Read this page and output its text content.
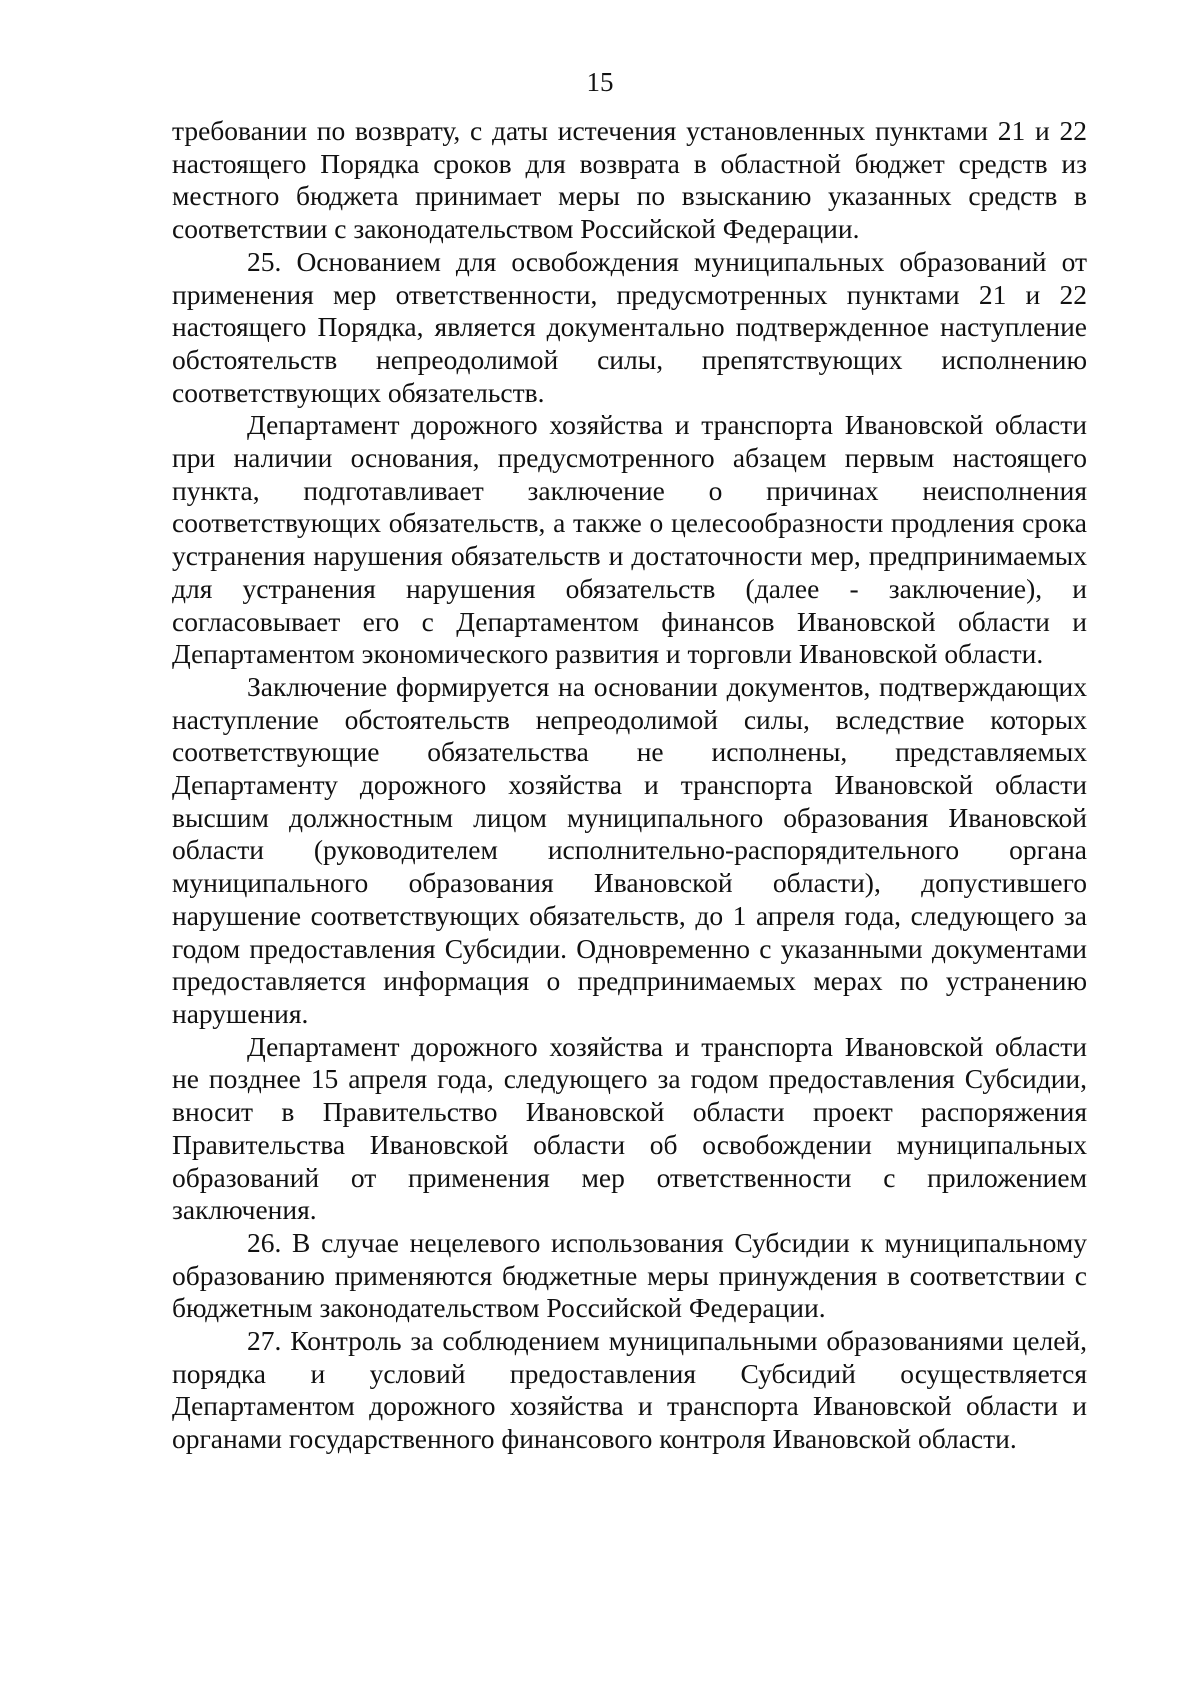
15

требовании по возврату, с даты истечения установленных пунктами 21 и 22 настоящего Порядка сроков для возврата в областной бюджет средств из местного бюджета принимает меры по взысканию указанных средств в соответствии с законодательством Российской Федерации.

25. Основанием для освобождения муниципальных образований от применения мер ответственности, предусмотренных пунктами 21 и 22 настоящего Порядка, является документально подтвержденное наступление обстоятельств непреодолимой силы, препятствующих исполнению соответствующих обязательств.

Департамент дорожного хозяйства и транспорта Ивановской области при наличии основания, предусмотренного абзацем первым настоящего пункта, подготавливает заключение о причинах неисполнения соответствующих обязательств, а также о целесообразности продления срока устранения нарушения обязательств и достаточности мер, предпринимаемых для устранения нарушения обязательств (далее - заключение), и согласовывает его с Департаментом финансов Ивановской области и Департаментом экономического развития и торговли Ивановской области.

Заключение формируется на основании документов, подтверждающих наступление обстоятельств непреодолимой силы, вследствие которых соответствующие обязательства не исполнены, представляемых Департаменту дорожного хозяйства и транспорта Ивановской области высшим должностным лицом муниципального образования Ивановской области (руководителем исполнительно-распорядительного органа муниципального образования Ивановской области), допустившего нарушение соответствующих обязательств, до 1 апреля года, следующего за годом предоставления Субсидии. Одновременно с указанными документами предоставляется информация о предпринимаемых мерах по устранению нарушения.

Департамент дорожного хозяйства и транспорта Ивановской области не позднее 15 апреля года, следующего за годом предоставления Субсидии, вносит в Правительство Ивановской области проект распоряжения Правительства Ивановской области об освобождении муниципальных образований от применения мер ответственности с приложением заключения.

26. В случае нецелевого использования Субсидии к муниципальному образованию применяются бюджетные меры принуждения в соответствии с бюджетным законодательством Российской Федерации.

27. Контроль за соблюдением муниципальными образованиями целей, порядка и условий предоставления Субсидий осуществляется Департаментом дорожного хозяйства и транспорта Ивановской области и органами государственного финансового контроля Ивановской области.
